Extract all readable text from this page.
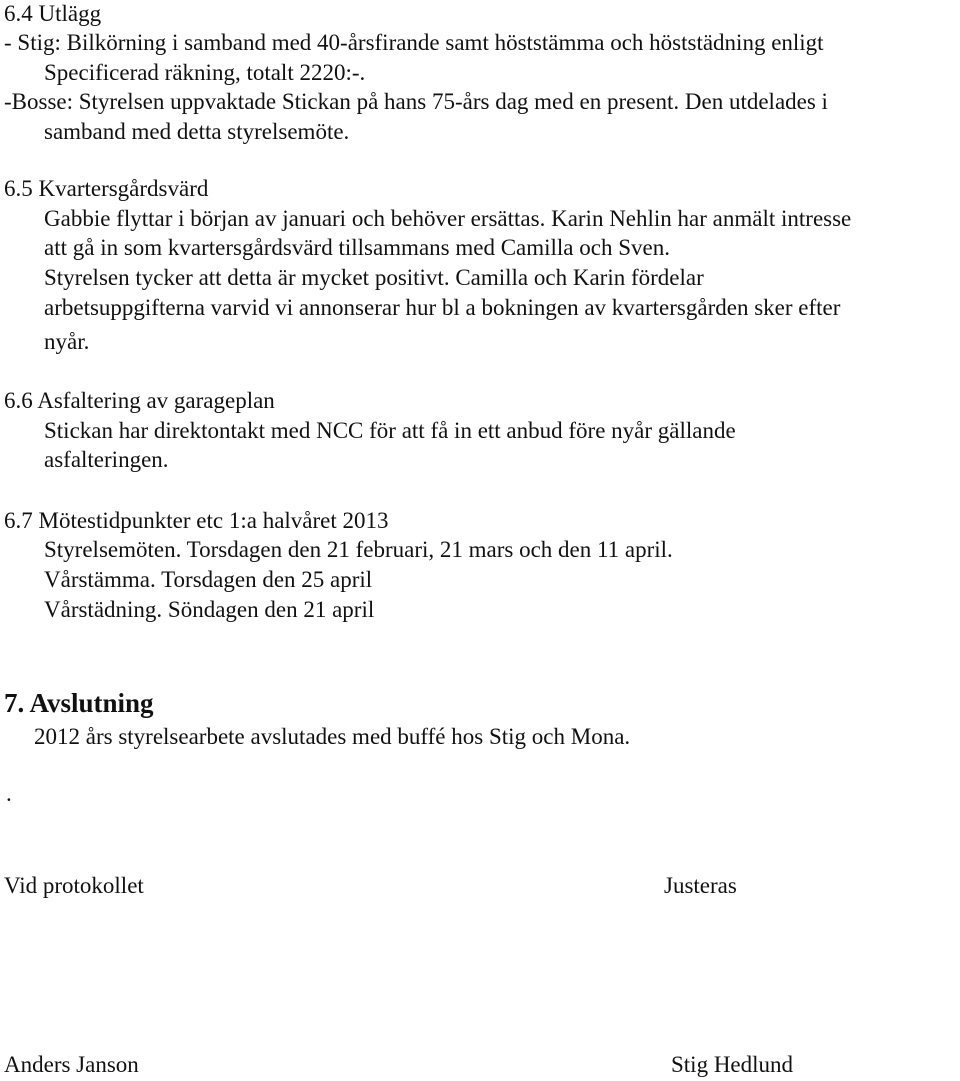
6.4 Utlägg

- Stig: Bilkörning i samband med 40-årsfirande samt höststämma och höststädning enligt

Specificerad räkning, totalt 2220:-.

-Bosse: Styrelsen uppvaktade Stickan på hans 75-års dag med en present. Den utdelades i

samband med detta styrelsemöte.

6.5 Kvartersgårdsvärd

Gabbie flyttar i början av januari och behöver ersättas. Karin Nehlin har anmält intresse

att gå in som kvartersgårdsvärd tillsammans med Camilla och Sven.

Styrelsen tycker att detta är mycket positivt. Camilla och Karin fördelar

arbetsuppgifterna varvid vi annonserar hur bl a bokningen av kvartersgården sker efter

nyår.

6.6 Asfaltering av garageplan

Stickan har direktontakt med NCC för att få in ett anbud före nyår gällande

asfalteringen.

6.7 Mötestidpunkter etc 1:a halvåret 2013

Styrelsemöten. Torsdagen den 21 februari, 21 mars och den 11 april.

Vårstämma. Torsdagen den 25 april

Vårstädning. Söndagen den 21 april

7. Avslutning

2012 års styrelsearbete avslutades med buffé hos Stig och Mona.

.

Vid protokollet	Justeras

Anders Janson	Stig Hedlund
